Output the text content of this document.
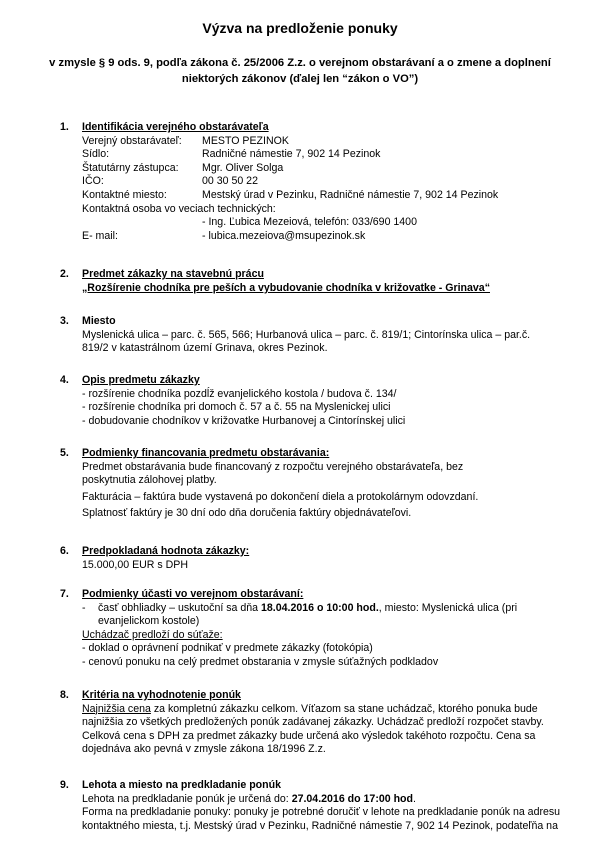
Výzva na predloženie ponuky
v zmysle § 9 ods. 9, podľa zákona č. 25/2006 Z.z. o verejnom obstarávaní a o zmene a doplnení
niektorých zákonov (ďalej len “zákon o VO”)
1. Identifikácia verejného obstarávateľa
Verejný obstarávateľ: MESTO PEZINOK
Sídlo:	Radničné námestie 7, 902 14 Pezinok
Štatutárny zástupca: Mgr. Oliver Solga
IČO:	00 30 50 22
Kontaktné miesto:	Mestský úrad v Pezinku, Radničné námestie 7, 902 14 Pezinok
Kontaktná osoba vo veciach technických:
- Ing. Ľubica Mezeiová, telefón: 033/690 1400
E- mail:	- lubica.mezeiova@msupezinok.sk
2. Predmet zákazky na stavebnú prácu
„Rozšírenie chodníka pre peších a vybudovanie chodníka v križovatke - Grinava“
3. Miesto
Myslenická ulica – parc. č. 565, 566; Hurbanová ulica – parc. č. 819/1; Cintorínska ulica – par.č.
819/2 v katastrálnom území Grinava, okres Pezinok.
4. Opis predmetu zákazky
- rozšírenie chodníka pozdĺž evanjelického kostola / budova č. 134/
- rozšírenie chodníka pri domoch č. 57 a č. 55 na Myslenickej ulici
- dobudovanie chodníkov v križovatke Hurbanovej a Cintorínskej ulici
5. Podmienky financovania predmetu obstarávania:
Predmet obstarávania bude financovaný z rozpočtu verejného obstarávateľa, bez
poskytnutia zálohovej platby.
Fakturácia – faktúra bude vystavená po dokončení diela a protokolárnym odovzdaní.
Splatnosť faktúry je 30 dní odo dňa doručenia faktúry objednávateľovi.
6. Predpokladaná hodnota zákazky:
15.000,00 EUR s DPH
7. Podmienky účasti vo verejnom obstarávaní:
- časť obhliadky – uskutoční sa dňa 18.04.2016 o 10:00 hod., miesto: Myslenická ulica (pri
evanjelickom kostole)
Uchádzač predloží do súťaže:
- doklad o oprávnení podnikať v predmete zákazky (fotokópia)
- cenovú ponuku na celý predmet obstarania v zmysle súťažných podkladov
8. Kritéria na vyhodnotenie ponúk
Najnižšia cena za kompletnú zákazku celkom. Víťazom sa stane uchádzač, ktorého ponuka bude
najnižšia zo všetkých predložených ponúk zadávanej zákazky. Uchádzač predloží rozpočet stavby.
Celková cena s DPH za predmet zákazky bude určená ako výsledok takéhoto rozpočtu. Cena sa
dojednáva ako pevná v zmysle zákona 18/1996 Z.z.
9. Lehota a miesto na predkladanie ponúk
Lehota na predkladanie ponúk je určená do: 27.04.2016 do 17:00 hod.
Forma na predkladanie ponuky: ponuky je potrebné doručiť v lehote na predkladanie ponúk na adresu
kontaktného miesta, t.j. Mestský úrad v Pezinku, Radničné námestie 7, 902 14 Pezinok, podateľňa na
